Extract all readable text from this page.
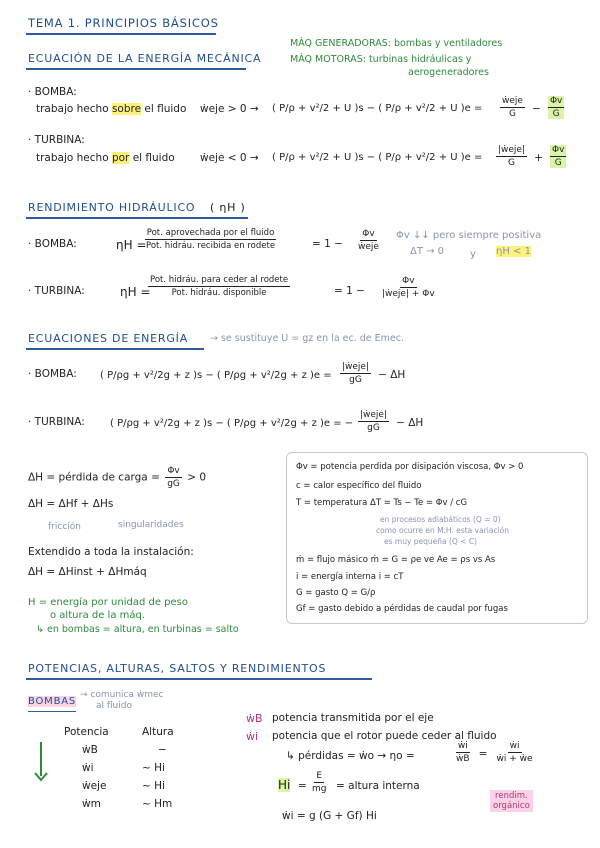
TEMA 1. PRINCIPIOS BÁSICOS
ECUACIÓN DE LA ENERGÍA MECÁNICA
MÁQ GENERADORAS: bombas y ventiladores
MÁQ MOTORAS: turbinas hidráulicas y
aerogeneradores
· BOMBA:
trabajo hecho sobre el fluido ẇeje > 0 → ( P/ρ + v²/2 + U )s − ( P/ρ + v²/2 + U )$e = \frac{\text{ẇeje}}{G} - \frac{\Phi v}{G}$
· TURBINA:
trabajo hecho por el fluido ẇeje < 0 → ( P/ρ + v²/2 + U )s − ( P/ρ + v²/2 + U )$e = \frac{\text{|ẇeje|}}{G} + \frac{\Phi v}{G}$
RENDIMIENTO HIDRÁULICO ( ηH )
· BOMBA:	ηH =
$\frac{\text{Pot. aprovechada por el fluido}}{\text{Pot. hidráu. recibida en rodete}}$	= $1 - \frac{\Phi v}{\text{ẇeje}}$ Φv ↓↓ pero siempre positiva
ΔT → 0	y ηH < 1
· TURBINA:	ηH =
$\frac{\text{Pot. hidráu. para ceder al rodete}}{\text{Pot. hidráu. disponible}}$	= $1 - \frac{\Phi v}{\text{|ẇeje| + Φv}}$
ECUACIONES DE ENERGÍA → se sustituye U = gz en la ec. de Emec.
· BOMBA: ( P/ρg + v²/2g + z )s − ( P/ρg + v²/2g + z )$e = \frac{\text{|ẇeje|}}{gG} - \Delta H$
· TURBINA:	( P/ρg + v²/2g + z )s − ( P/ρg + v²/2g + z )e = − $\frac{\text{|ẇeje|}}{gG} - \Delta H$
ΔH = pérdida de carga = $\frac{\Phi v}{gG} > 0$
ΔH = ΔHf + ΔHs
fricción	singularidades
Extendido a toda la instalación:
ΔH = ΔHinst + ΔHmáq
H = energía por unidad de peso
o altura de la máq.
↳ en bombas = altura, en turbinas = salto
Φv = potencia perdida por disipación viscosa, Φv > 0
c = calor específico del fluido
T = temperatura ΔT = Ts − Te = Φv / cG
en procesos adiabáticos (Q = 0)
como ocurre en M.H. esta variación
es muy pequeña (Q < C)
ṁ = flujo másico ṁ = G = ρe ve Ae = ρs vs As
i = energía interna i = cT
G = gasto Q = G/ρ
Gf = gasto debido a pérdidas de caudal por fugas
POTENCIAS, ALTURAS, SALTOS Y RENDIMIENTOS
BOMBAS
→ comunica ẇmec
al fluido
Potencia	Altura
ẇB	−
ẇi	~ Hi
ẇeje	~ Hi
ẇm	~ Hm
ẇB potencia transmitida por el eje
ẇi potencia que el rotor puede ceder al fluido
↳ pérdidas = ẇo → ηo =	$\frac{\text{ẇi}}{\text{ẇB}} = \frac{\text{ẇi}}{\text{ẇi + ẇe}}$
$Hi = \frac{E}{mg}$ = altura interna
ẇi = g (G + Gf) Hi
rendim.
orgánico
